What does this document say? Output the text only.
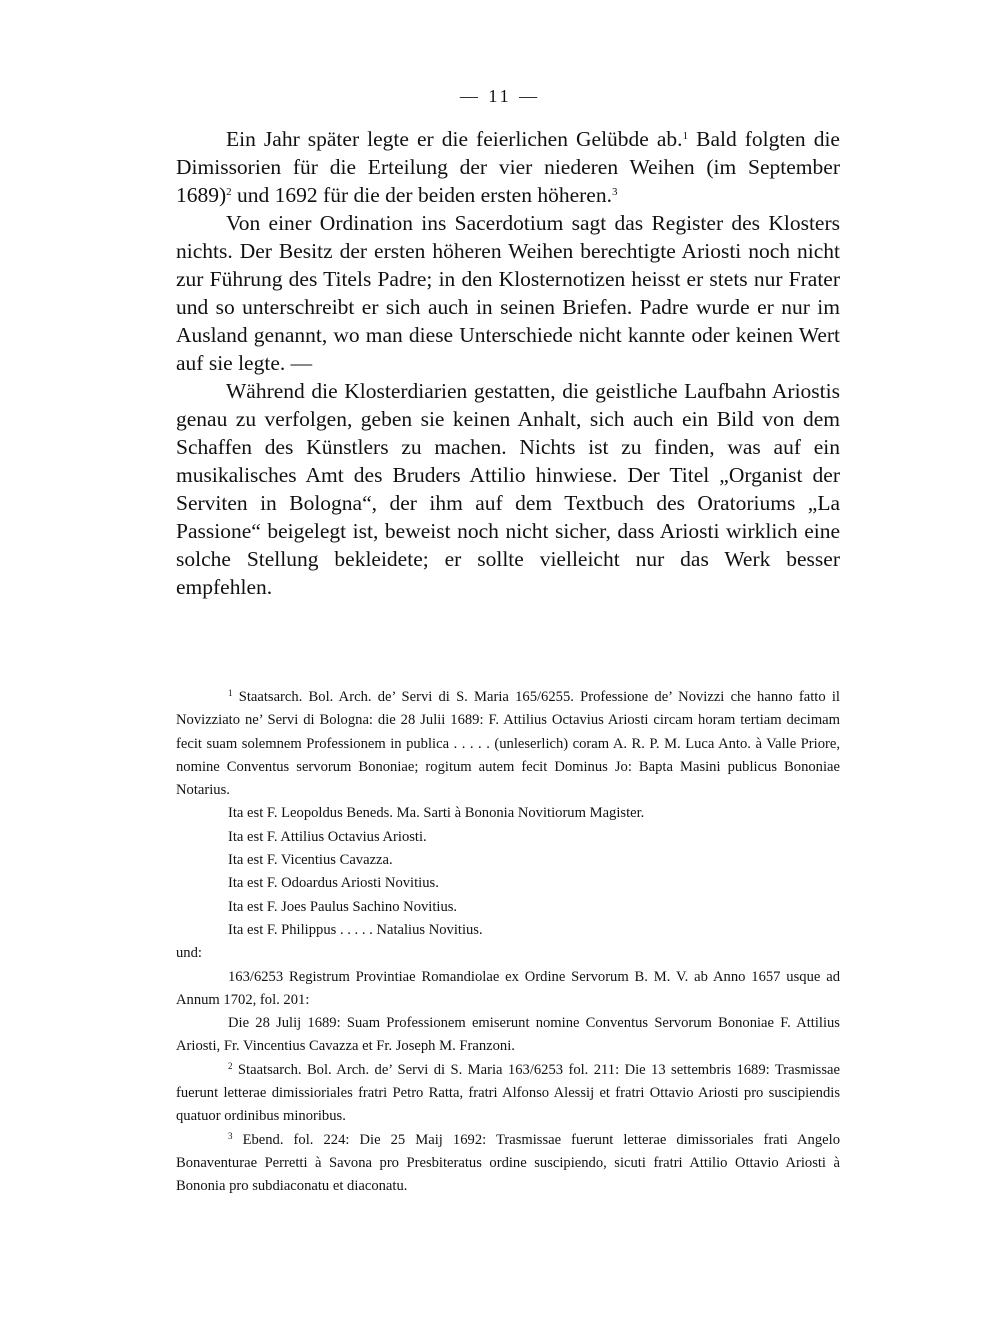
— 11 —

Ein Jahr später legte er die feierlichen Gelübde ab.$^1$ Bald folgten die Dimissorien für die Erteilung der vier niederen Weihen (im September 1689)$^2$ und 1692 für die der beiden ersten höheren.$^3$

Von einer Ordination ins Sacerdotium sagt das Register des Klosters nichts. Der Besitz der ersten höheren Weihen berechtigte Ariosti noch nicht zur Führung des Titels Padre; in den Klosternotizen heisst er stets nur Frater und so unterschreibt er sich auch in seinen Briefen. Padre wurde er nur im Ausland genannt, wo man diese Unterschiede nicht kannte oder keinen Wert auf sie legte. —

Während die Klosterdiarien gestatten, die geistliche Laufbahn Ariostis genau zu verfolgen, geben sie keinen Anhalt, sich auch ein Bild von dem Schaffen des Künstlers zu machen. Nichts ist zu finden, was auf ein musikalisches Amt des Bruders Attilio hinwiese. Der Titel „Organist der Serviten in Bologna“, der ihm auf dem Textbuch des Oratoriums „La Passione“ beigelegt ist, beweist noch nicht sicher, dass Ariosti wirklich eine solche Stellung bekleidete; er sollte vielleicht nur das Werk besser empfehlen.

$^1$ Staatsarch. Bol. Arch. de’ Servi di S. Maria 165/6255. Professione de’ Novizzi che hanno fatto il Novizziato ne’ Servi di Bologna: die 28 Julii 1689: F. Attilius Octavius Ariosti circam horam tertiam decimam fecit suam solemnem Professionem in publica . . . . . (unleserlich) coram A. R. P. M. Luca Anto. à Valle Priore, nomine Conventus servorum Bononiae; rogitum autem fecit Dominus Jo: Bapta Masini publicus Bononiae Notarius.

Ita est F. Leopoldus Beneds. Ma. Sarti à Bononia Novitiorum Magister.

Ita est F. Attilius Octavius Ariosti.

Ita est F. Vicentius Cavazza.

Ita est F. Odoardus Ariosti Novitius.

Ita est F. Joes Paulus Sachino Novitius.

Ita est F. Philippus . . . . . Natalius Novitius.

und:

163/6253 Registrum Provintiae Romandiolae ex Ordine Servorum B. M. V. ab Anno 1657 usque ad Annum 1702, fol. 201:

Die 28 Julij 1689: Suam Professionem emiserunt nomine Conventus Servorum Bononiae F. Attilius Ariosti, Fr. Vincentius Cavazza et Fr. Joseph M. Franzoni.

$^2$ Staatsarch. Bol. Arch. de’ Servi di S. Maria 163/6253 fol. 211: Die 13 settembris 1689: Trasmissae fuerunt letterae dimissioriales fratri Petro Ratta, fratri Alfonso Alessij et fratri Ottavio Ariosti pro suscipiendis quatuor ordinibus minoribus.

$^3$ Ebend. fol. 224: Die 25 Maij 1692: Trasmissae fuerunt letterae dimissoriales frati Angelo Bonaventurae Perretti à Savona pro Presbiteratus ordine suscipiendo, sicuti fratri Attilio Ottavio Ariosti à Bononia pro subdiaconatu et diaconatu.
